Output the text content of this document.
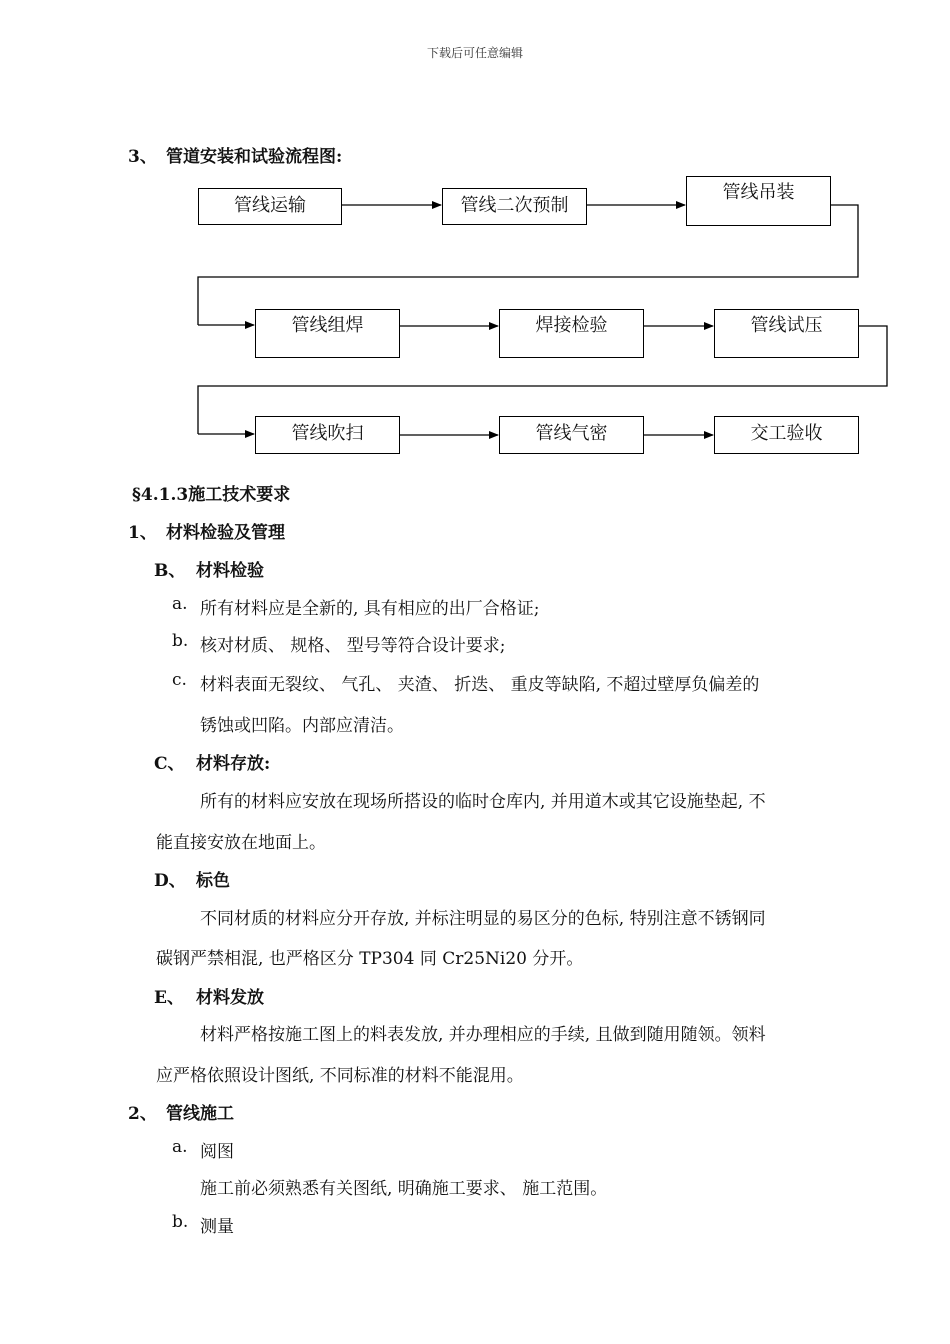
下载后可任意编辑
3、 管道安装和试验流程图:
管线运输	管线二次预制
管线吊装
管线组焊	焊接检验	管线试压
管线吹扫	管线气密	交工验收
§4.1.3施工技术要求
1、 材料检验及管理
B、 材料检验
a. 所有材料应是全新的, 具有相应的出厂合格证;
b. 核对材质、 规格、 型号等符合设计要求;
c. 材料表面无裂纹、 气孔、 夹渣、 折迭、 重皮等缺陷, 不超过壁厚负偏差的
锈蚀或凹陷。内部应清洁。
C、 材料存放:
所有的材料应安放在现场所搭设的临时仓库内, 并用道木或其它设施垫起, 不
能直接安放在地面上。
D、 标色
不同材质的材料应分开存放, 并标注明显的易区分的色标, 特别注意不锈钢同
碳钢严禁相混, 也严格区分 TP304 同 Cr25Ni20 分开。
E、 材料发放
材料严格按施工图上的料表发放, 并办理相应的手续, 且做到随用随领。领料
应严格依照设计图纸, 不同标准的材料不能混用。
2、 管线施工
a. 阅图
施工前必须熟悉有关图纸, 明确施工要求、 施工范围。
b. 测量
